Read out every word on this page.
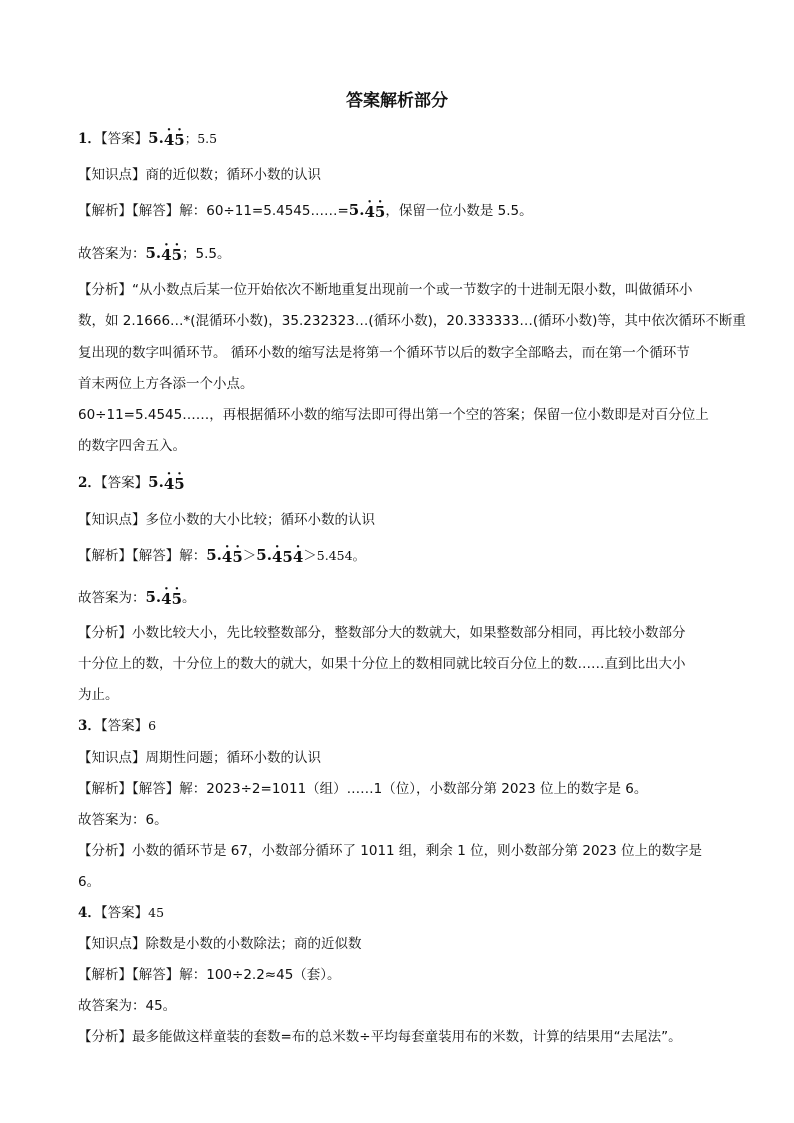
答案解析部分
1．【答案】5.4 ·5 ·；5.5
【知识点】商的近似数；循环小数的认识
【解析】【解答】解：60÷11=5.4545……=5.4 ·5 ·，保留一位小数是 5.5。
故答案为：5.4 ·5 ·；5.5。
【分析】“从小数点后某一位开始依次不断地重复出现前一个或一节数字的十进制无限小数，叫做循环小
数，如 2.1666…*(混循环小数)，35.232323…(循环小数)，20.333333…(循环小数)等，其中依次循环不断重
复出现的数字叫循环节。 循环小数的缩写法是将第一个循环节以后的数字全部略去，而在第一个循环节
首末两位上方各添一个小点。
60÷11=5.4545……，再根据循环小数的缩写法即可得出第一个空的答案；保留一位小数即是对百分位上
的数字四舍五入。
2．【答案】5.4 ·5 ·
【知识点】多位小数的大小比较；循环小数的认识
【解析】【解答】解：5.4 ·5 ·＞5.4 ·54 ·＞5.454。
故答案为：5.4 ·5 ·。
【分析】小数比较大小，先比较整数部分，整数部分大的数就大，如果整数部分相同，再比较小数部分
十分位上的数，十分位上的数大的就大，如果十分位上的数相同就比较百分位上的数……直到比出大小
为止。
3．【答案】6
【知识点】周期性问题；循环小数的认识
【解析】【解答】解：2023÷2=1011（组）……1（位），小数部分第 2023 位上的数字是 6。
故答案为：6。
【分析】小数的循环节是 67，小数部分循环了 1011 组，剩余 1 位，则小数部分第 2023 位上的数字是
6。
4．【答案】45
【知识点】除数是小数的小数除法；商的近似数
【解析】【解答】解：100÷2.2≈45（套）。
故答案为：45。
【分析】最多能做这样童装的套数=布的总米数÷平均每套童装用布的米数，计算的结果用“去尾法”。
